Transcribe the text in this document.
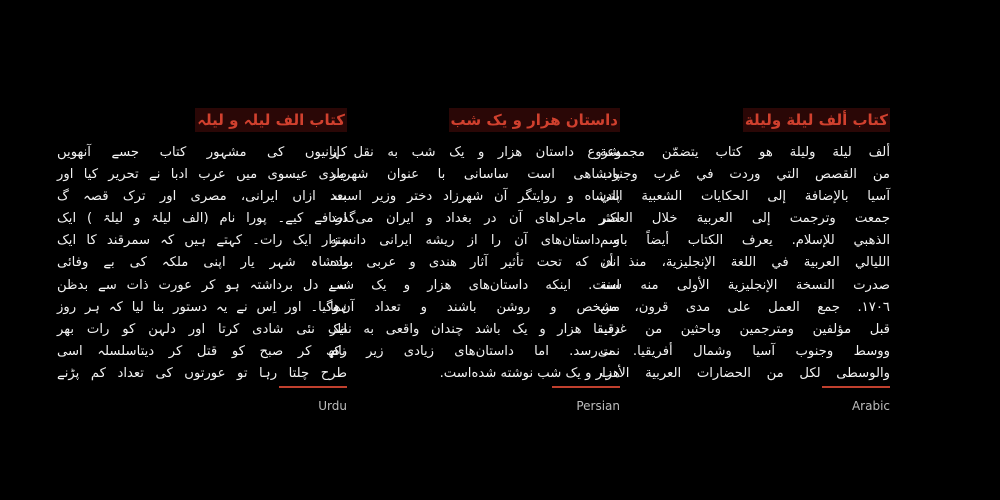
كتاب ألف ليلة وليلة
ألف ليلة وليلة هو كتاب يتضمّن مجموعة
من القصص التي وردت في غرب وجنوب
آسيا بالإضافة إلى الحكايات الشعبية التي
جمعت وترجمت إلى العربية خلال العصر
الذهبي للإسلام. يعرف الكتاب أيضاً باسم
الليالي العربية في اللغة الإنجليزية، منذ أن
صدرت النسخة الإنجليزية الأولى منه سنة
١٧٠٦. جمع العمل على مدى قرون، من
قبل مؤلفين ومترجمين وباحثين من غرب
ووسط وجنوب آسيا وشمال أفريقيا. ت
والوسطى لكل من الحضارات العربية الأدب
Arabic
داستان هزار و یک شب
شروع داستان هزار و یک شب به نقل از
پادشاهی است ساسانی با عنوان شهریار
پادشاه و روایتگر آن شهرزاد دختر وزیر است.
اکثر ماجراهای آن در بغداد و ایران می‌گذرد
و داستان‌های آن را از ریشه ایرانی دانسته
اند، که تحت تأثیر آثار هندی و عربی بوده
است. اینکه داستان‌های هزار و یک شب
مشخص و روشن باشند و تعداد آن‌ها
دقیقا هزار و یک باشد چندان واقعی به نظر
نمی‌رسد. اما داستان‌های زیادی زیر نام
هزار و یک شب نوشته شده‌است.
Persian
کتاب الف لیلہ و لیلہ
کہانیوں کی مشہور کتاب جسے آنھویں
صدی عیسوی میں عرب ادبا نے تحریر کیا اور
بعد ازاں ایرانی، مصری اور ترک قصہ گ
اضافے کیے۔ پورا نام (الف لیلۃ و لیلۃ ) ایک
ہزار ایک رات۔ کہتے ہیں کہ سمرقند کا ایک
بادشاہ شہر یار اپنی ملکہ کی بے وفائی
سے دل برداشتہ ہو کر عورت ذات سے بدظن
ہوگیا۔ اور اِس نے یہ دستور بنا لیا کہ ہر روز
ایک نئی شادی کرتا اور دلہن کو رات بھر
رکھ کر صبح کو قتل کر دیتاسلسلہ اسی
طرح چلتا رہا تو عورتوں کی تعداد کم پڑنے
Urdu
